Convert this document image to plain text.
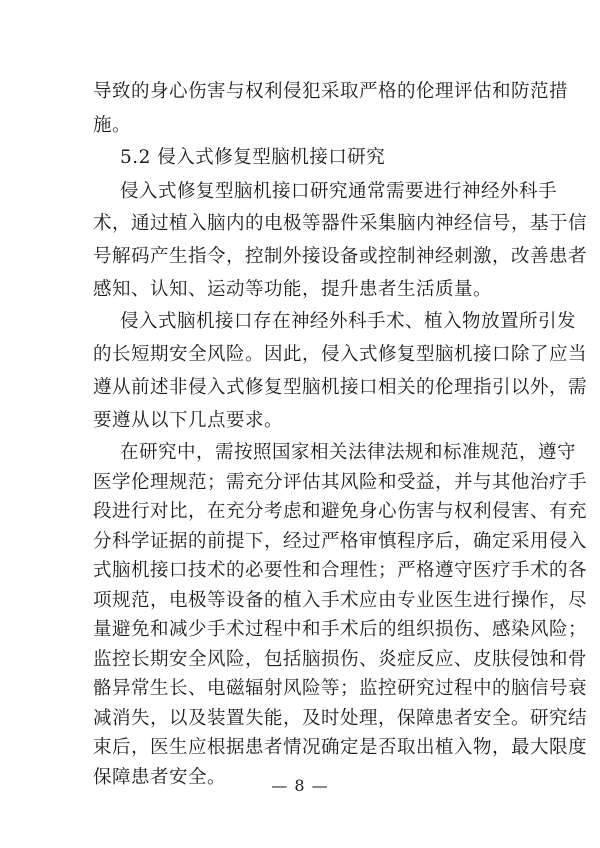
导致的身心伤害与权利侵犯采取严格的伦理评估和防范措
施。
5.2 侵入式修复型脑机接口研究
侵入式修复型脑机接口研究通常需要进行神经外科手
术，通过植入脑内的电极等器件采集脑内神经信号，基于信
号解码产生指令，控制外接设备或控制神经刺激，改善患者
感知、认知、运动等功能，提升患者生活质量。
侵入式脑机接口存在神经外科手术、植入物放置所引发
的长短期安全风险。因此，侵入式修复型脑机接口除了应当
遵从前述非侵入式修复型脑机接口相关的伦理指引以外，需
要遵从以下几点要求。
在研究中，需按照国家相关法律法规和标准规范，遵守
医学伦理规范；需充分评估其风险和受益，并与其他治疗手
段进行对比，在充分考虑和避免身心伤害与权利侵害、有充
分科学证据的前提下，经过严格审慎程序后，确定采用侵入
式脑机接口技术的必要性和合理性；严格遵守医疗手术的各
项规范，电极等设备的植入手术应由专业医生进行操作，尽
量避免和减少手术过程中和手术后的组织损伤、感染风险；
监控长期安全风险，包括脑损伤、炎症反应、皮肤侵蚀和骨
骼异常生长、电磁辐射风险等；监控研究过程中的脑信号衰
减消失，以及装置失能，及时处理，保障患者安全。研究结
束后，医生应根据患者情况确定是否取出植入物，最大限度
保障患者安全。	— 8 —
